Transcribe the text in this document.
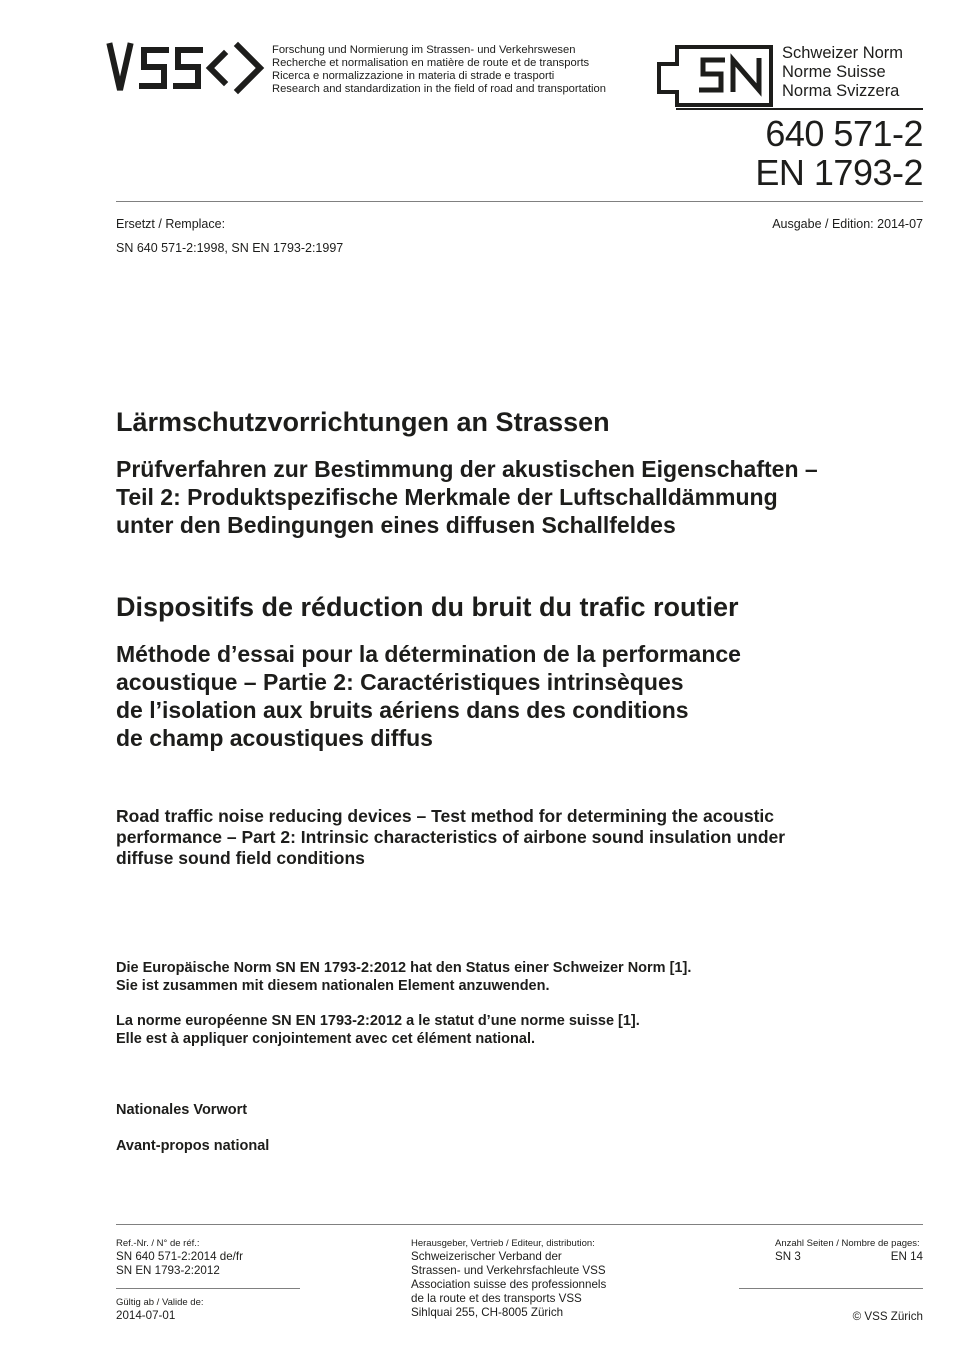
Forschung und Normierung im Strassen- und Verkehrswesen
Recherche et normalisation en matière de route et de transports
Ricerca e normalizzazione in materia di strade e trasporti
Research and standardization in the field of road and transportation
Schweizer Norm
Norme Suisse
Norma Svizzera
640 571-2
EN 1793-2
Ersetzt / Remplace:
SN 640 571-2:1998, SN EN 1793-2:1997
Ausgabe / Edition: 2014-07
Lärmschutzvorrichtungen an Strassen
Prüfverfahren zur Bestimmung der akustischen Eigenschaften –
Teil 2: Produktspezifische Merkmale der Luftschalldämmung
unter den Bedingungen eines diffusen Schallfeldes
Dispositifs de réduction du bruit du trafic routier
Méthode d’essai pour la détermination de la performance
acoustique – Partie 2: Caractéristiques intrinsèques
de l’isolation aux bruits aériens dans des conditions
de champ acoustiques diffus
Road traffic noise reducing devices – Test method for determining the acoustic
performance – Part 2: Intrinsic characteristics of airbone sound insulation under
diffuse sound field conditions
Die Europäische Norm SN EN 1793-2:2012 hat den Status einer Schweizer Norm [1].
Sie ist zusammen mit diesem nationalen Element anzuwenden.
La norme européenne SN EN 1793-2:2012 a le statut d’une norme suisse [1].
Elle est à appliquer conjointement avec cet élément national.
Nationales Vorwort
Avant-propos national
Ref.-Nr. / N° de réf.:
SN 640 571-2:2014 de/fr
SN EN 1793-2:2012
Gültig ab / Valide de:
2014-07-01
Herausgeber, Vertrieb / Editeur, distribution:
Schweizerischer Verband der
Strassen- und Verkehrsfachleute VSS
Association suisse des professionnels
de la route et des transports VSS
Sihlquai 255, CH-8005 Zürich
Anzahl Seiten / Nombre de pages:
SN 3	EN 14
© VSS Zürich
